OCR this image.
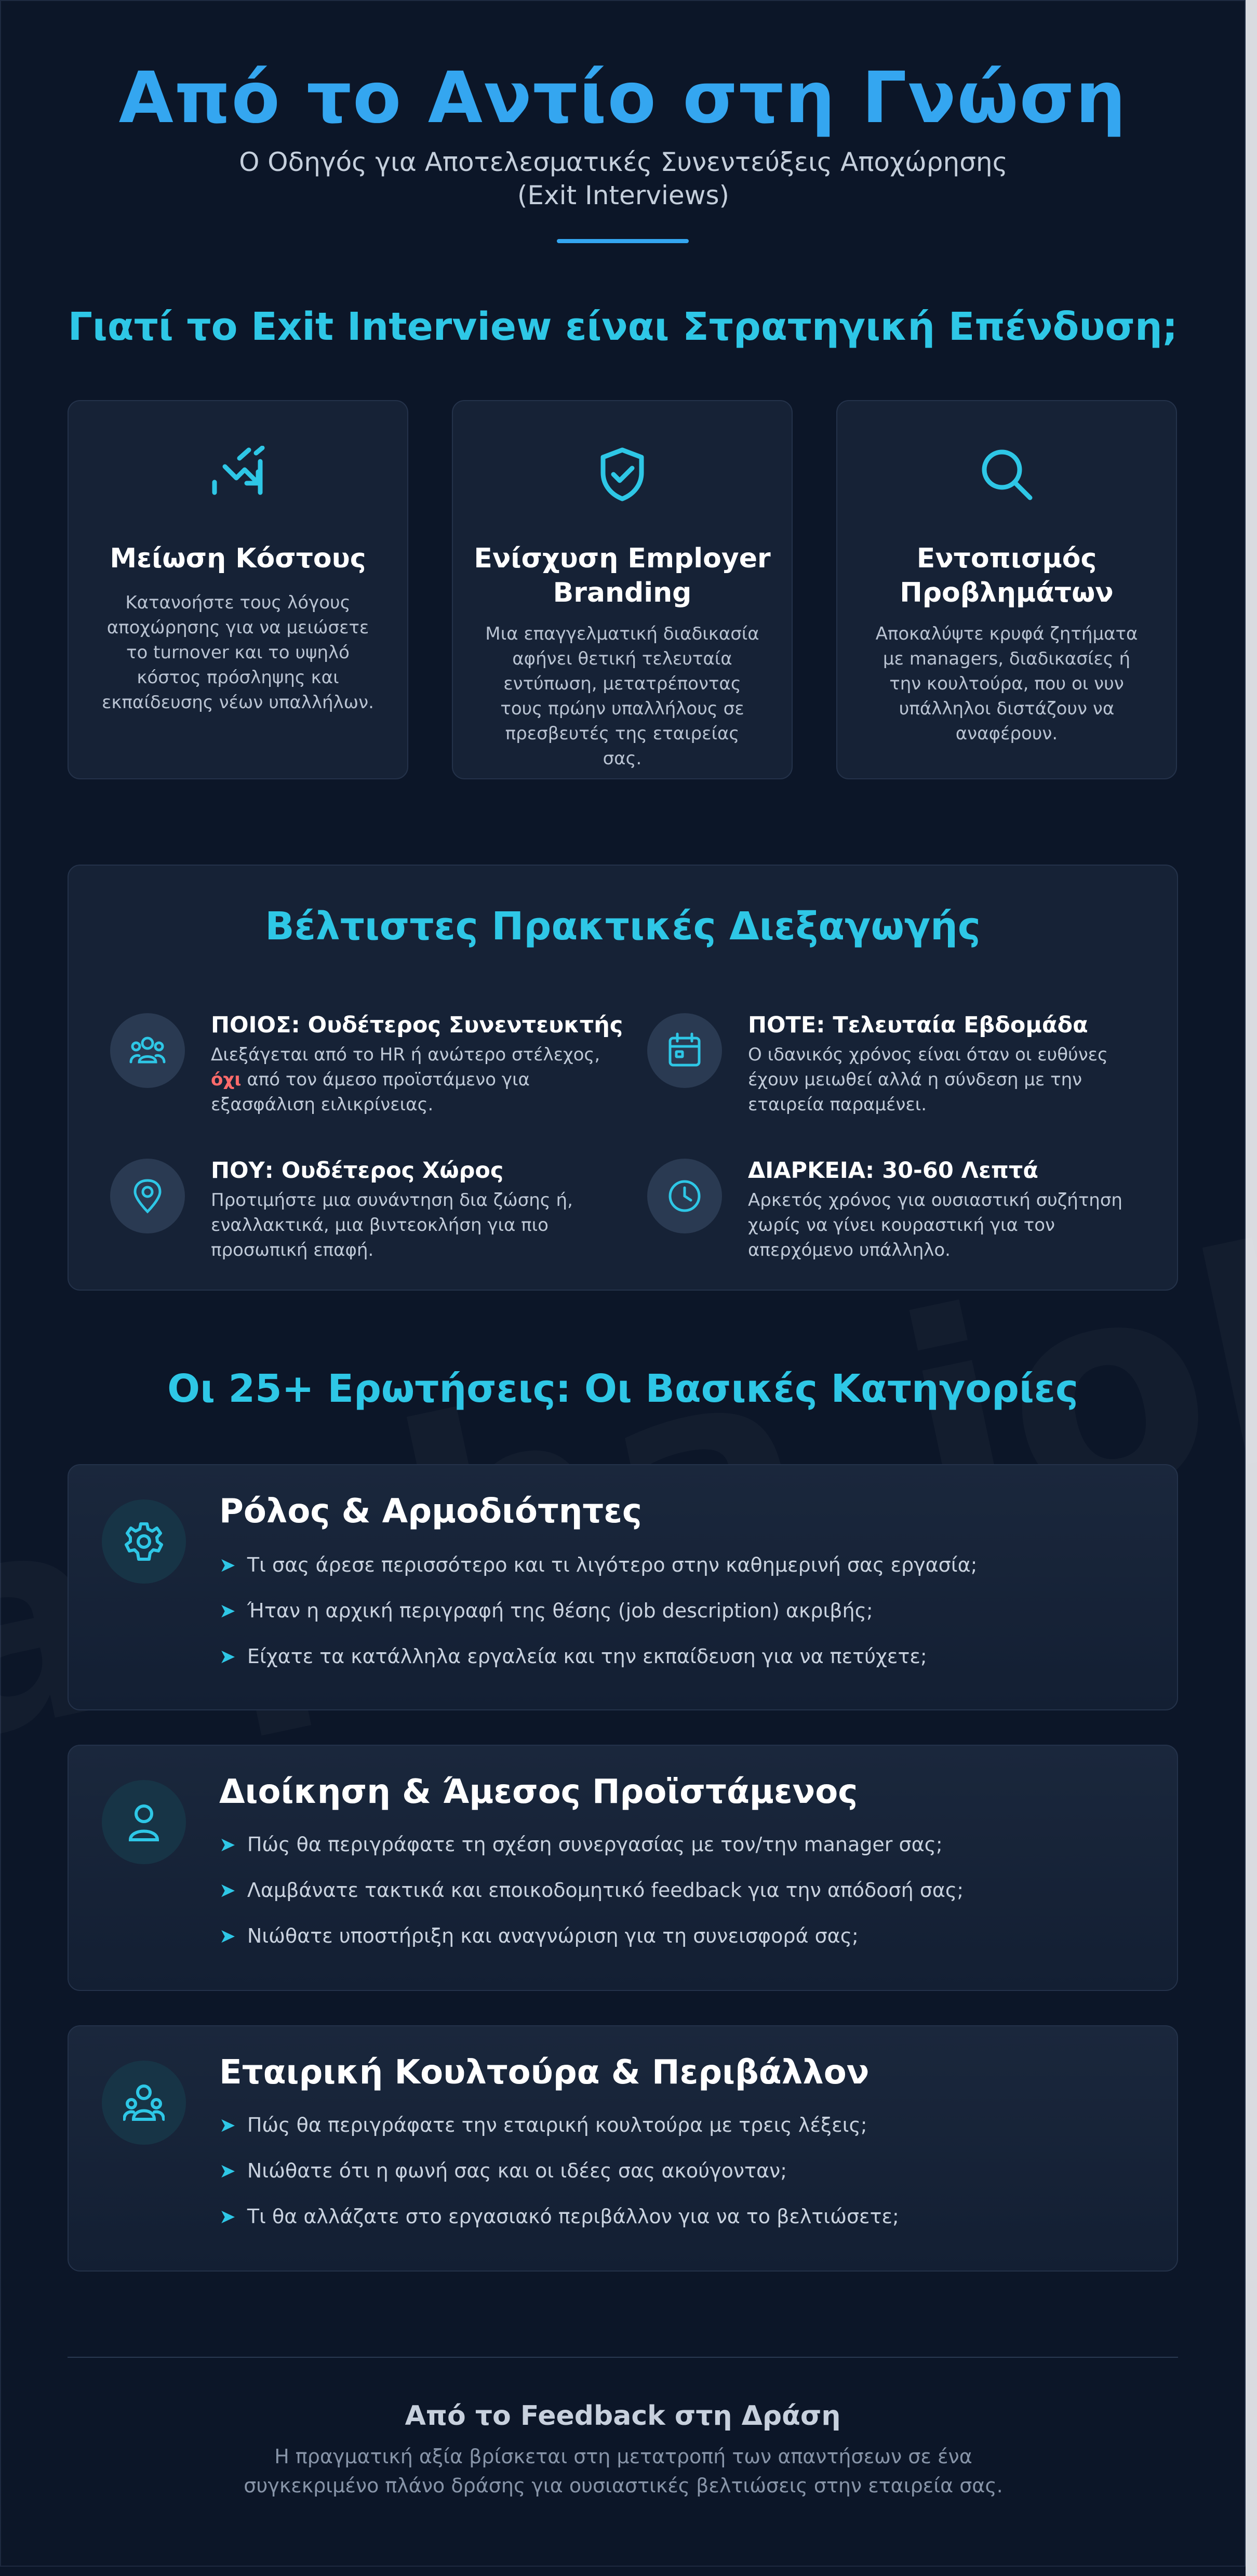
Από το Αντίο στη Γνώση
Ο Οδηγός για Αποτελεσματικές Συνεντεύξεις Αποχώρησης (Exit Interviews)
Γιατί το Exit Interview είναι Στρατηγική Επένδυση;
Μείωση Κόστους
Κατανοήστε τους λόγους αποχώρησης για να μειώσετε το turnover και το υψηλό κόστος πρόσληψης και εκπαίδευσης νέων υπαλλήλων.
Ενίσχυση Employer Branding
Μια επαγγελματική διαδικασία αφήνει θετική τελευταία εντύπωση, μετατρέποντας τους πρώην υπαλλήλους σε πρεσβευτές της εταιρείας σας.
Εντοπισμός Προβλημάτων
Αποκαλύψτε κρυφά ζητήματα με managers, διαδικασίες ή την κουλτούρα, που οι νυν υπάλληλοι διστάζουν να αναφέρουν.
Βέλτιστες Πρακτικές Διεξαγωγής
ΠΟΙΟΣ: Ουδέτερος Συνεντευκτής
Διεξάγεται από το HR ή ανώτερο στέλεχος, όχι από τον άμεσο προϊστάμενο για εξασφάλιση ειλικρίνειας.
ΠΟΤΕ: Τελευταία Εβδομάδα
Ο ιδανικός χρόνος είναι όταν οι ευθύνες έχουν μειωθεί αλλά η σύνδεση με την εταιρεία παραμένει.
ΠΟΥ: Ουδέτερος Χώρος
Προτιμήστε μια συνάντηση δια ζώσης ή, εναλλακτικά, μια βιντεοκλήση για πιο προσωπική επαφή.
ΔΙΑΡΚΕΙΑ: 30-60 Λεπτά
Αρκετός χρόνος για ουσιαστική συζήτηση χωρίς να γίνει κουραστική για τον απερχόμενο υπάλληλο.
Οι 25+ Ερωτήσεις: Οι Βασικές Κατηγορίες
Ρόλος & Αρμοδιότητες
➤ Τι σας άρεσε περισσότερο και τι λιγότερο στην καθημερινή σας εργασία;
➤ Ήταν η αρχική περιγραφή της θέσης (job description) ακριβής;
➤ Είχατε τα κατάλληλα εργαλεία και την εκπαίδευση για να πετύχετε;
Διοίκηση & Άμεσος Προϊστάμενος
➤ Πώς θα περιγράφατε τη σχέση συνεργασίας με τον/την manager σας;
➤ Λαμβάνατε τακτικά και εποικοδομητικό feedback για την απόδοσή σας;
➤ Νιώθατε υποστήριξη και αναγνώριση για τη συνεισφορά σας;
Εταιρική Κουλτούρα & Περιβάλλον
➤ Πώς θα περιγράφατε την εταιρική κουλτούρα με τρεις λέξεις;
➤ Νιώθατε ότι η φωνή σας και οι ιδέες σας ακούγονταν;
➤ Τι θα αλλάζατε στο εργασιακό περιβάλλον για να το βελτιώσετε;
Από το Feedback στη Δράση
Η πραγματική αξία βρίσκεται στη μετατροπή των απαντήσεων σε ένα συγκεκριμένο πλάνο δράσης για ουσιαστικές βελτιώσεις στην εταιρεία σας.
